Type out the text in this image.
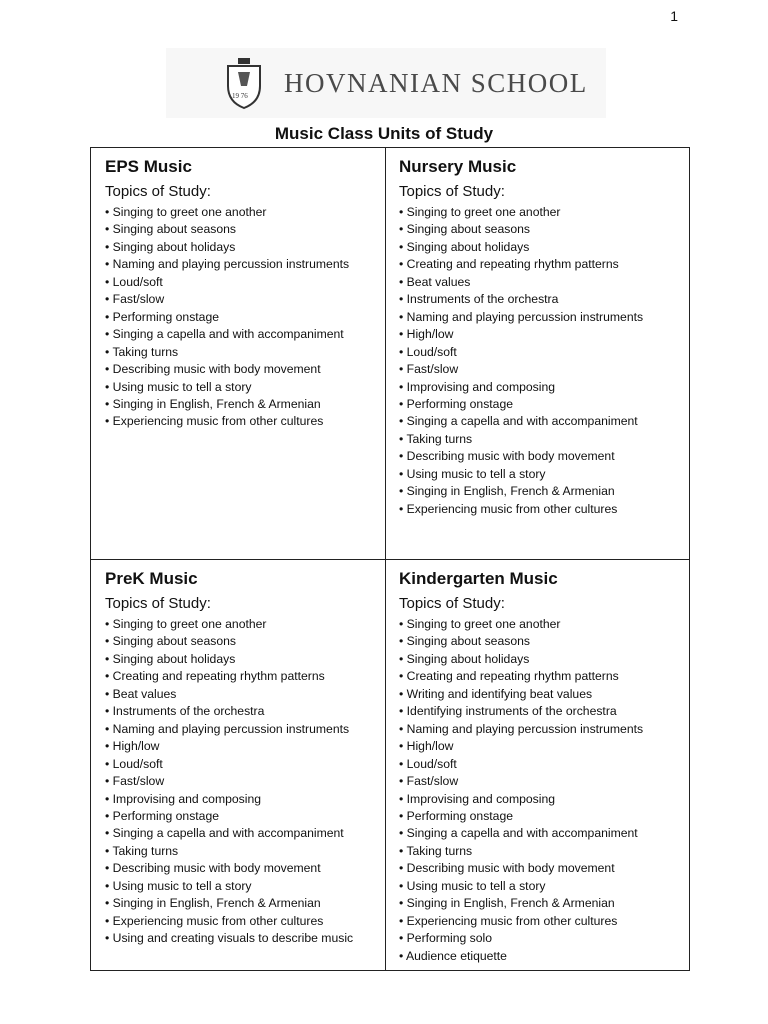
1
19 76 HOVNANIAN SCHOOL
Music Class Units of Study
EPS Music
Topics of Study:
• Singing to greet one another
• Singing about seasons
• Singing about holidays
• Naming and playing percussion instruments
• Loud/soft
• Fast/slow
• Performing onstage
• Singing a capella and with accompaniment
• Taking turns
• Describing music with body movement
• Using music to tell a story
• Singing in English, French & Armenian
• Experiencing music from other cultures
Nursery Music
Topics of Study:
• Singing to greet one another
• Singing about seasons
• Singing about holidays
• Creating and repeating rhythm patterns
• Beat values
• Instruments of the orchestra
• Naming and playing percussion instruments
• High/low
• Loud/soft
• Fast/slow
• Improvising and composing
• Performing onstage
• Singing a capella and with accompaniment
• Taking turns
• Describing music with body movement
• Using music to tell a story
• Singing in English, French & Armenian
• Experiencing music from other cultures
PreK Music
Topics of Study:
• Singing to greet one another
• Singing about seasons
• Singing about holidays
• Creating and repeating rhythm patterns
• Beat values
• Instruments of the orchestra
• Naming and playing percussion instruments
• High/low
• Loud/soft
• Fast/slow
• Improvising and composing
• Performing onstage
• Singing a capella and with accompaniment
• Taking turns
• Describing music with body movement
• Using music to tell a story
• Singing in English, French & Armenian
• Experiencing music from other cultures
• Using and creating visuals to describe music
Kindergarten Music
Topics of Study:
• Singing to greet one another
• Singing about seasons
• Singing about holidays
• Creating and repeating rhythm patterns
• Writing and identifying beat values
• Identifying instruments of the orchestra
• Naming and playing percussion instruments
• High/low
• Loud/soft
• Fast/slow
• Improvising and composing
• Performing onstage
• Singing a capella and with accompaniment
• Taking turns
• Describing music with body movement
• Using music to tell a story
• Singing in English, French & Armenian
• Experiencing music from other cultures
• Performing solo
• Audience etiquette
